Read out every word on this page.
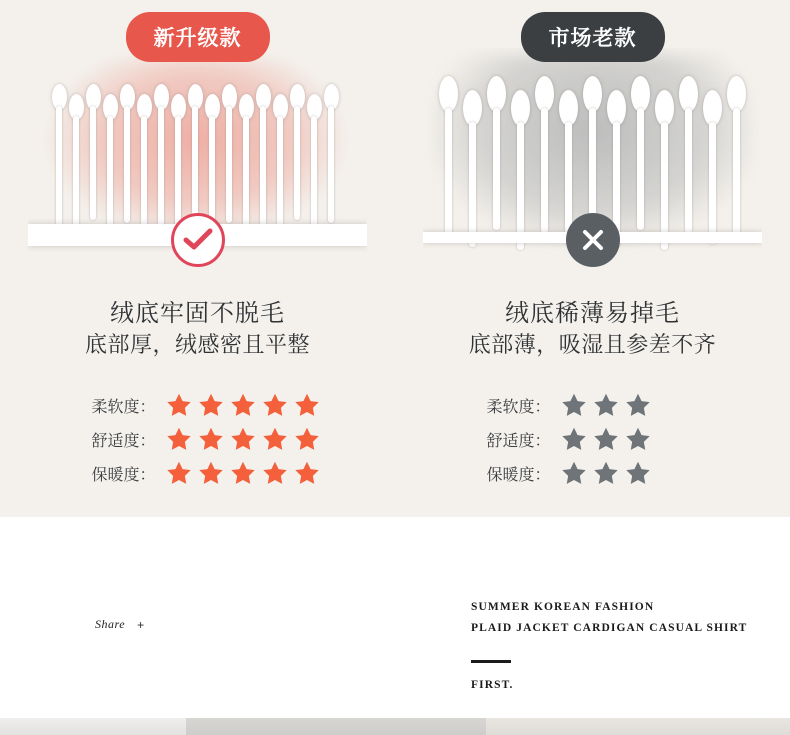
新升级款
绒底牢固不脱毛
底部厚，绒感密且平整
柔软度：
舒适度：
保暖度：
市场老款
绒底稀薄易掉毛
底部薄，吸湿且参差不齐
柔软度：
舒适度：
保暖度：
Share +
SUMMER KOREAN FASHION
PLAID JACKET CARDIGAN CASUAL SHIRT
FIRST.
